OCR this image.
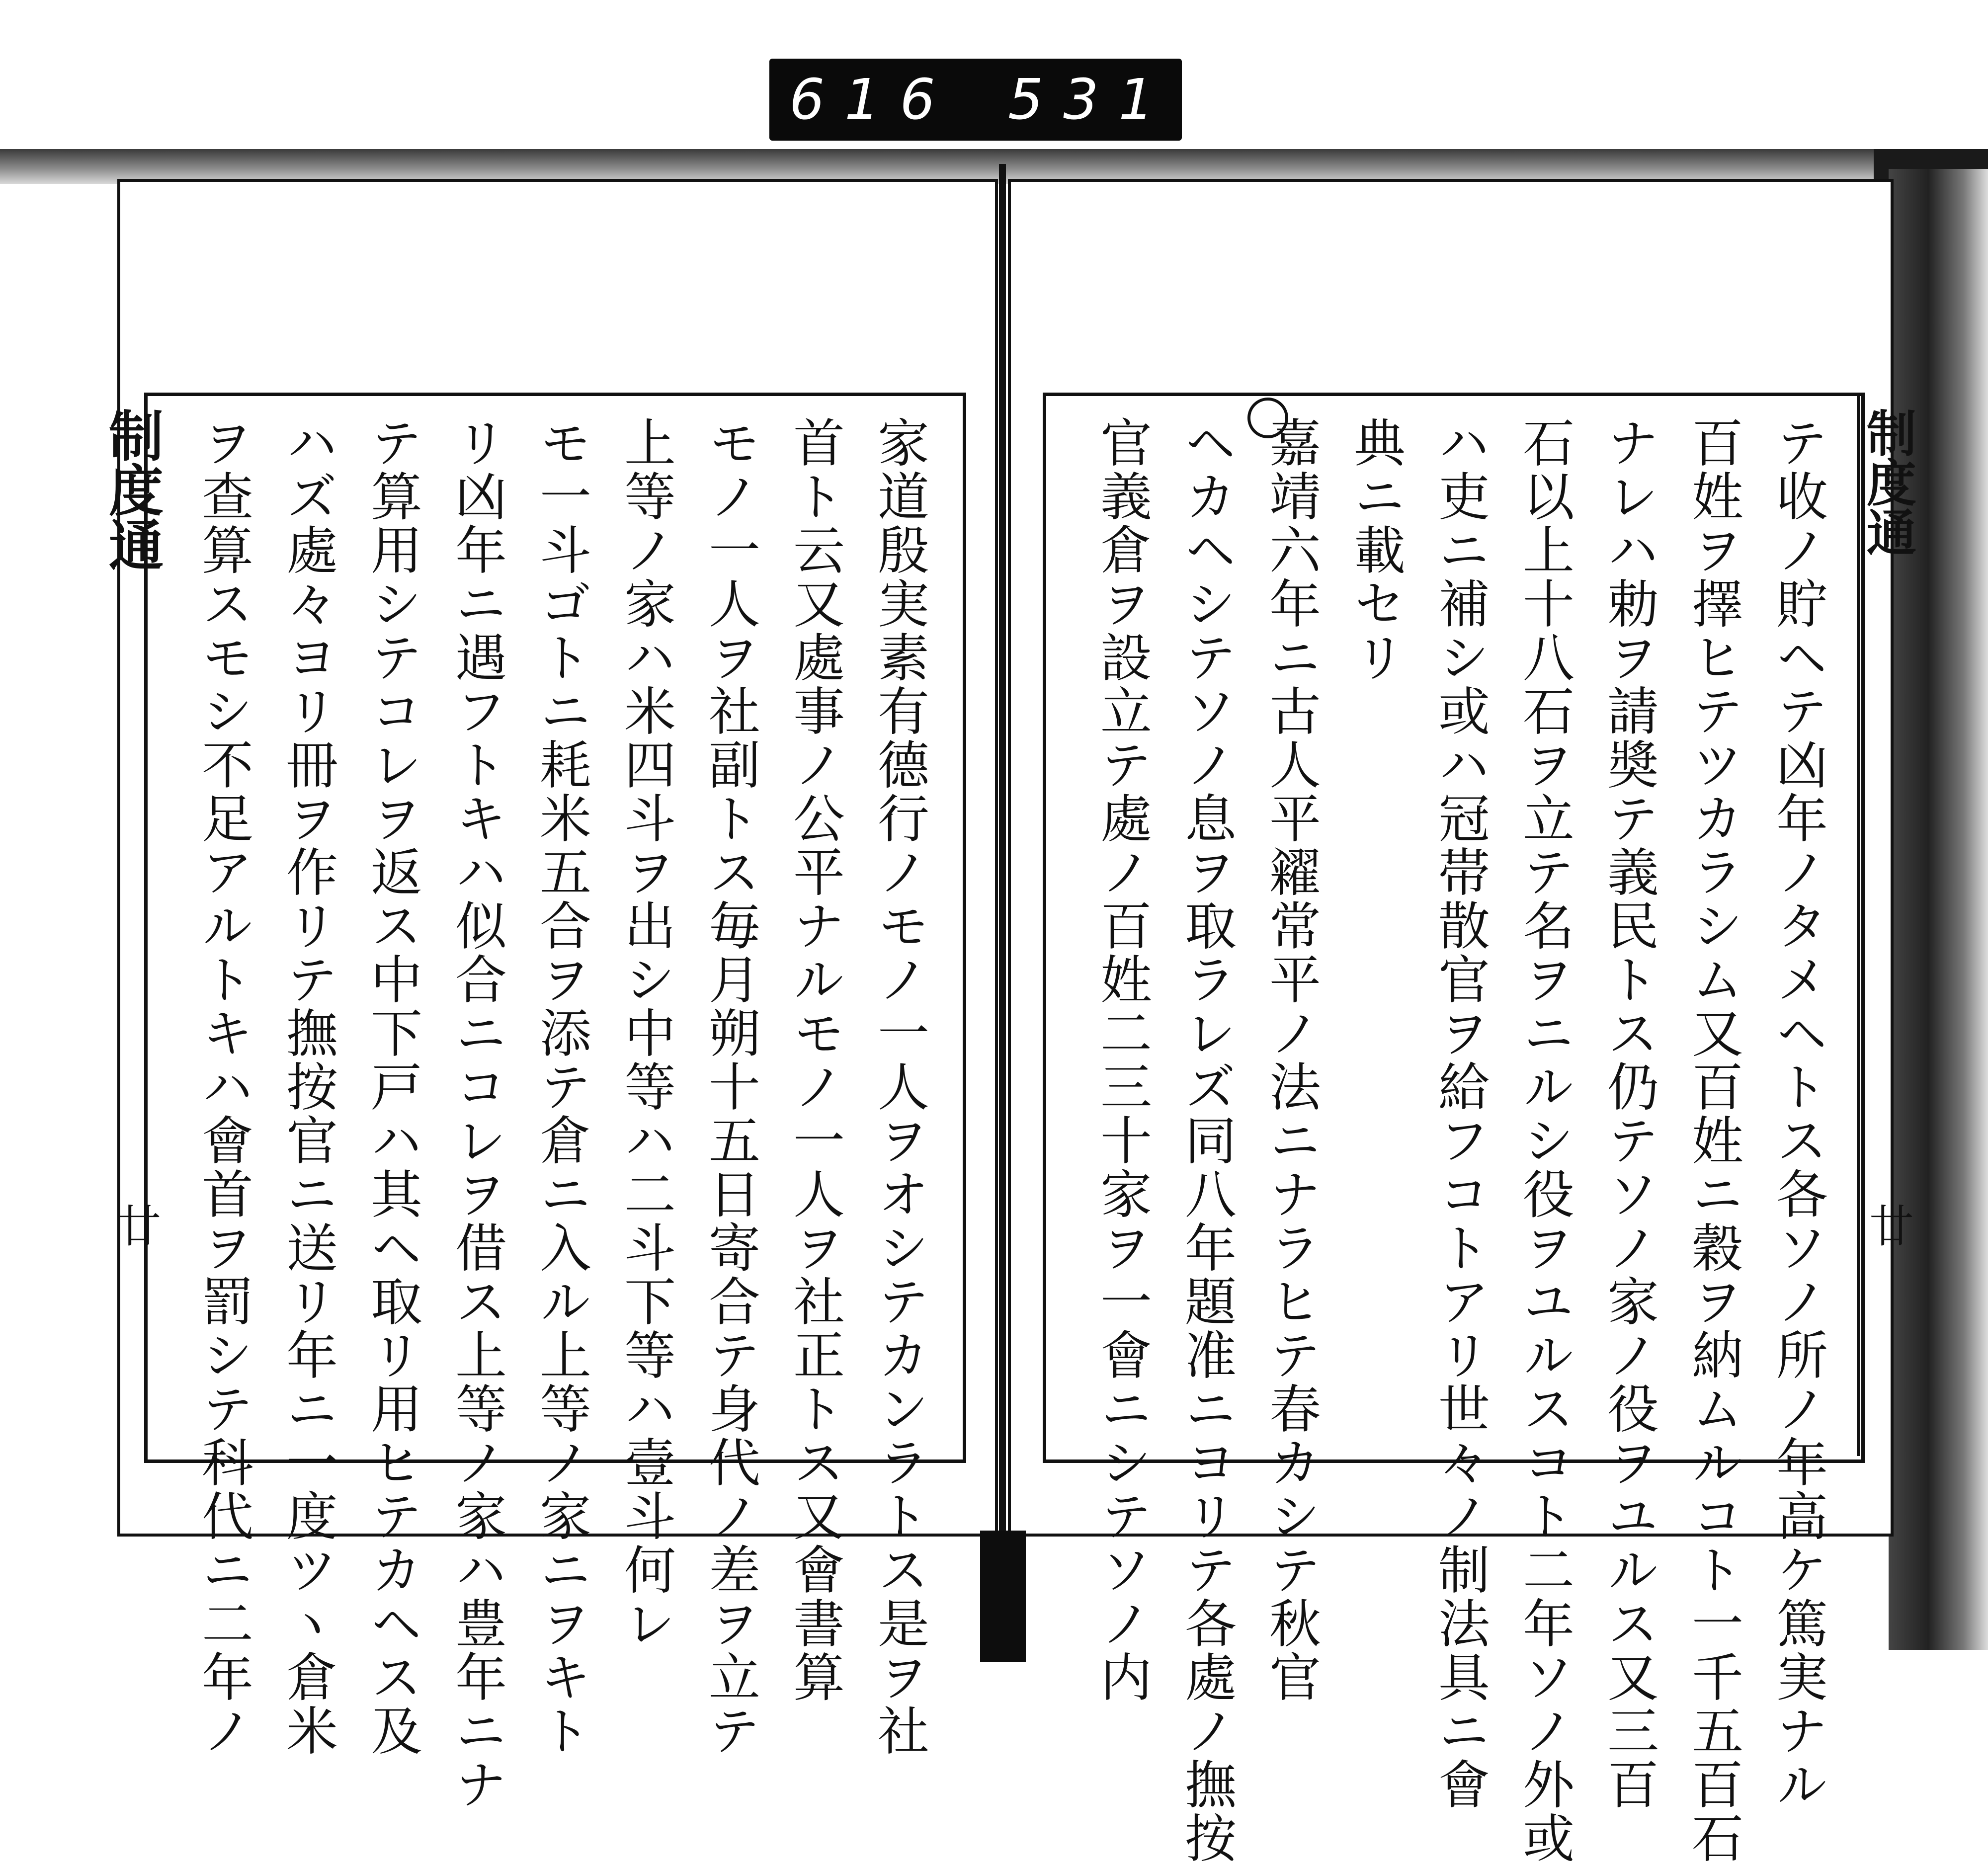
616 531
制度通
廿
制度通
廿
家道殷実素有德行ノモノ一人ヲオシテカンラトス是ヲ社
首ト云又處事ノ公平ナルモノ一人ヲ社正トス又會書算
モノ一人ヲ社副トス毎月朔十五日寄合テ身代ノ差ヲ立テ
上等ノ家ハ米四斗ヲ出シ中等ハ二斗下等ハ壹斗何レ
モ一斗ゴトニ耗米五合ヲ添テ倉ニ入ル上等ノ家ニヲキト
リ凶年ニ遇フトキハ似合ニコレヲ借ス上等ノ家ハ豊年ニナ
テ算用シテコレヲ返ス中下戸ハ其ヘ取リ用ヒテカヘス及
ハズ處々ヨリ冊ヲ作リテ撫按官ニ送リ年ニ一度ツヽ倉米
ヲ查算スモシ不足アルトキハ會首ヲ罰シテ科代ニ二年ノ	テ收ノ貯ヘテ凶年ノタメヘトス各ソノ所ノ年高ケ篤実ナル
百姓ヲ擇ヒテツカラシム又百姓ニ穀ヲ納ムルコト一千五百石
ナレハ勅ヲ請奬テ義民トス仍テソノ家ノ役ヲユルス又三百
石以上十八石ヲ立テ名ヲニルシ役ヲユルスコト二年ソノ外或
ハ吏ニ補シ或ハ冠帯散官ヲ給フコトアリ世々ノ制法具ニ會
典ニ載セリ
嘉靖六年ニ古人平糴常平ノ法ニナラヒテ春カシテ秋官
ヘカヘシテソノ息ヲ取ラレズ同八年題准ニヨリテ各處ノ撫按
官義倉ヲ設立テ處ノ百姓二三十家ヲ一會ニシテソノ内
